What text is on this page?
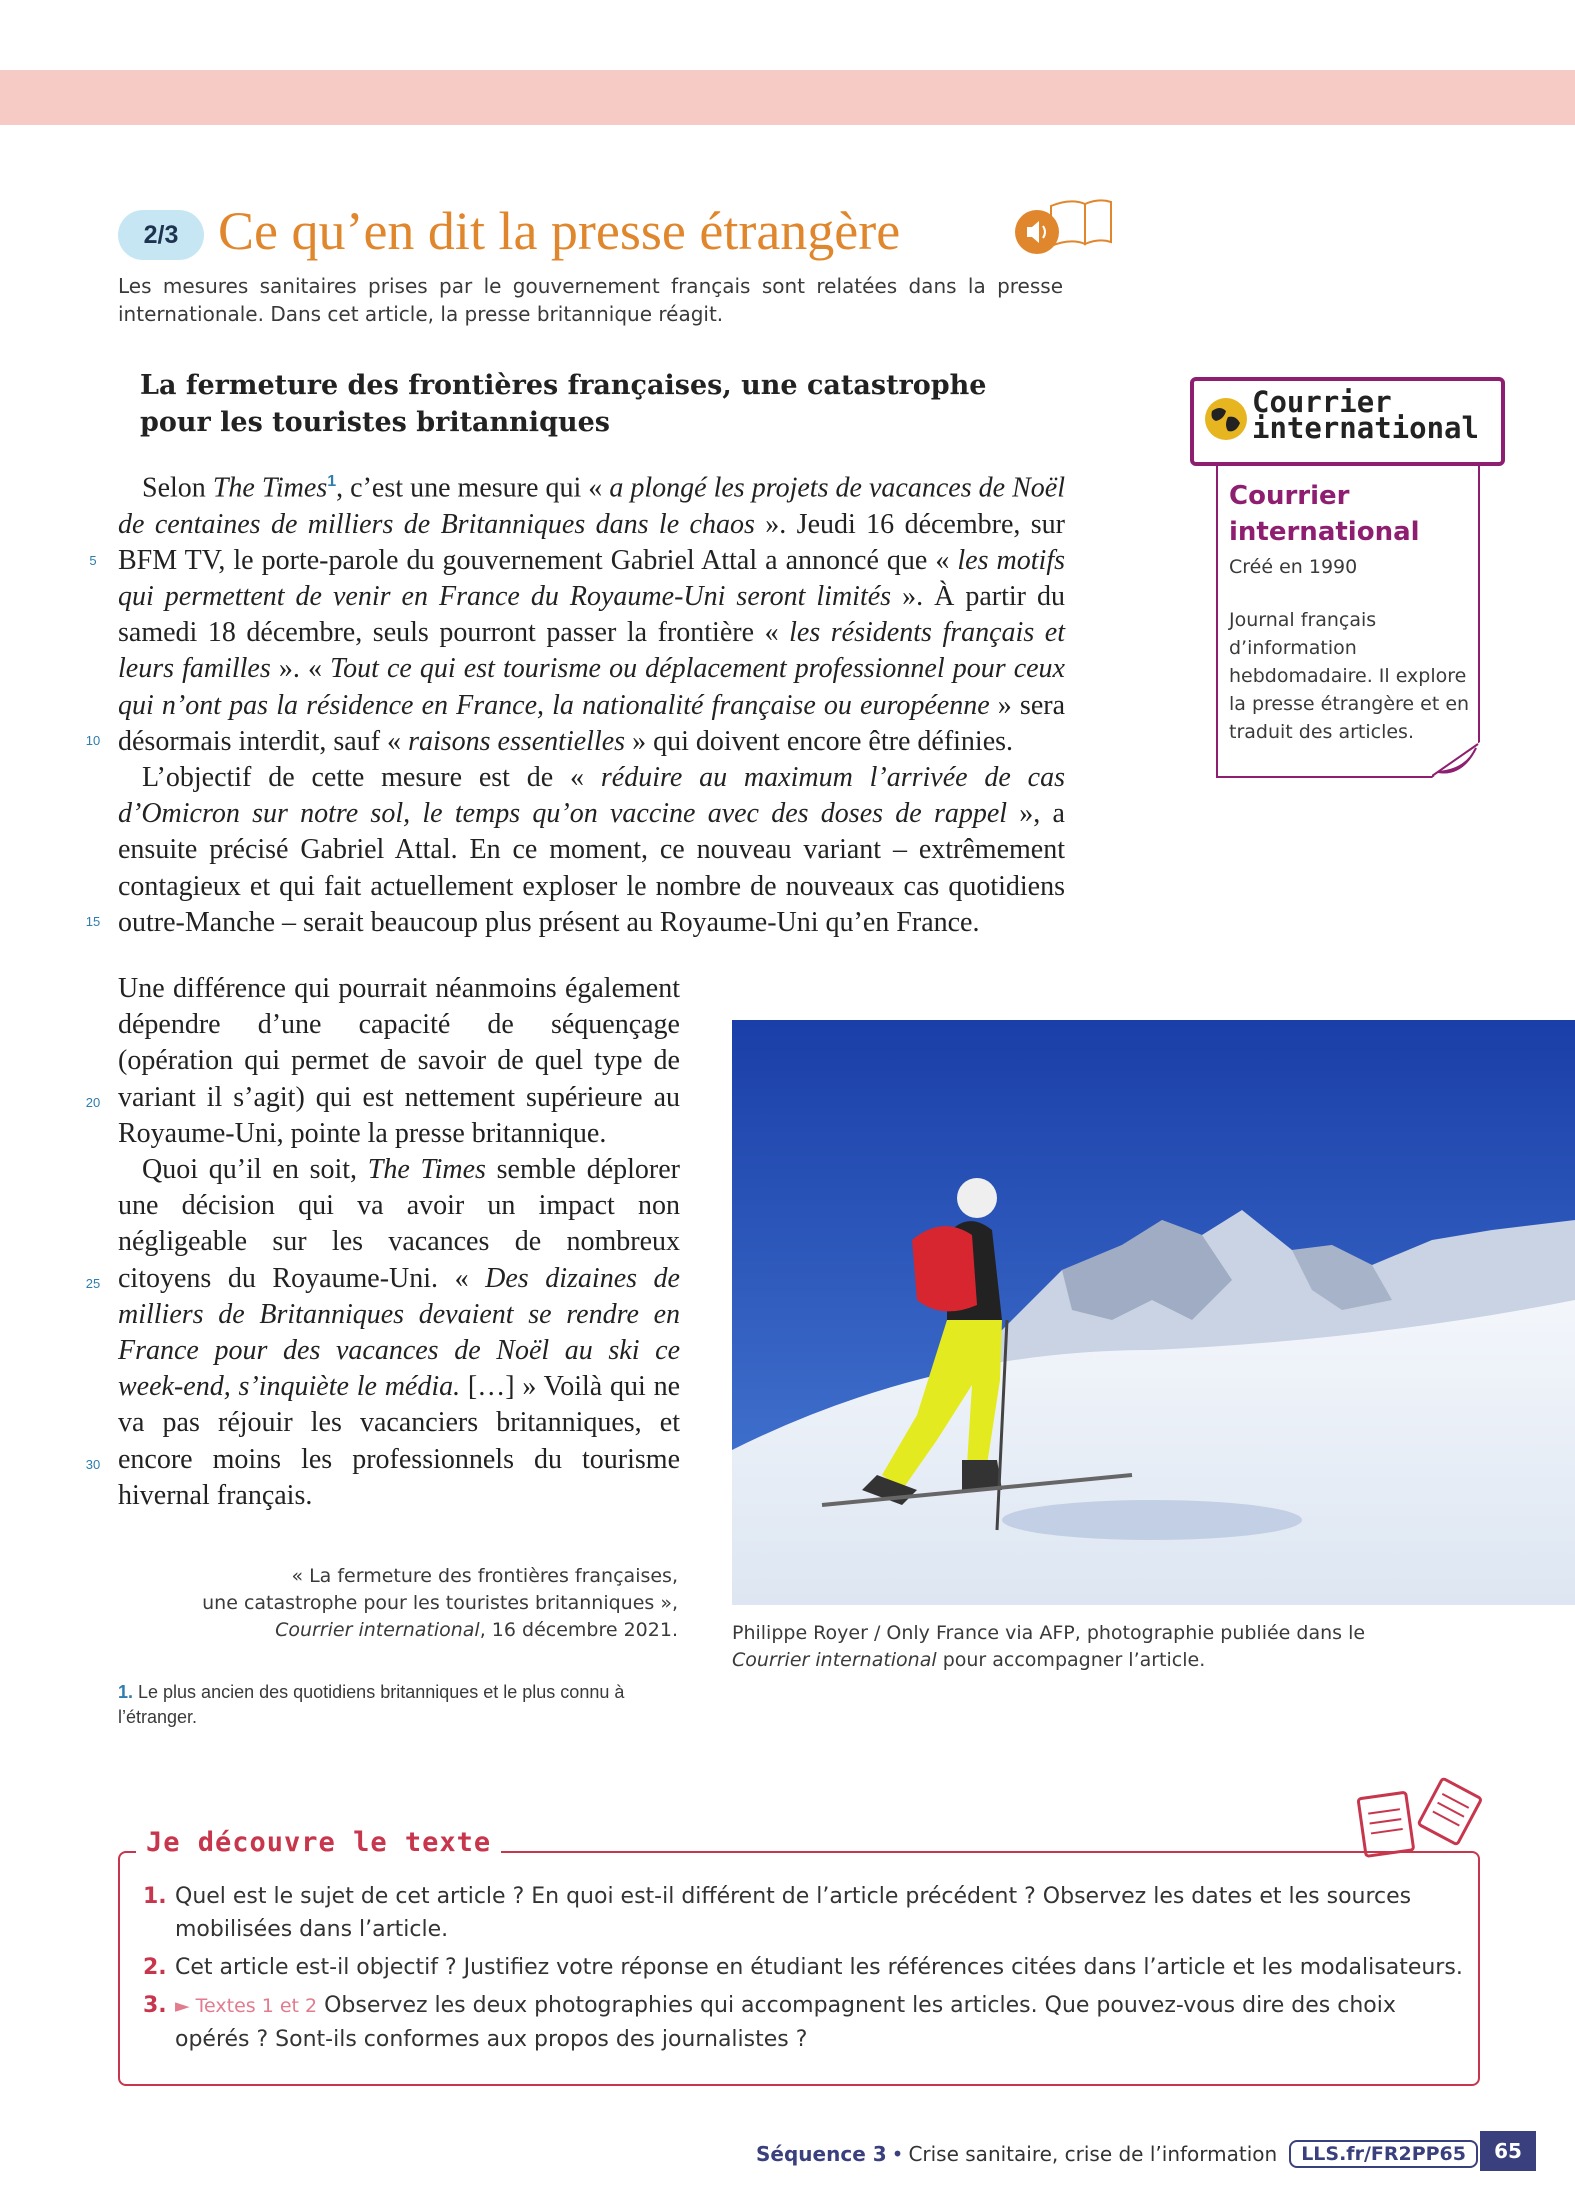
2/3 Ce qu’en dit la presse étrangère
Les mesures sanitaires prises par le gouvernement français sont relatées dans la presse internationale. Dans cet article, la presse britannique réagit.
La fermeture des frontières françaises, une catastrophe pour les touristes britanniques

Selon The Times$^1$, c’est une mesure qui « a plongé les projets de vacances de Noël de centaines de milliers de Britanniques dans le chaos ». Jeudi 16 décembre, sur BFM TV, le porte-parole du gouvernement Gabriel Attal a annoncé que « les motifs qui permettent de venir en France du Royaume-Uni seront limités ». À partir du samedi 18 décembre, seuls pourront passer la frontière « les résidents français et leurs familles ». « Tout ce qui est tourisme ou déplacement professionnel pour ceux qui n’ont pas la résidence en France, la nationalité française ou européenne » sera désormais interdit, sauf « raisons essentielles » qui doivent encore être définies.

L’objectif de cette mesure est de « réduire au maximum l’arrivée de cas d’Omicron sur notre sol, le temps qu’on vaccine avec des doses de rappel », a ensuite précisé Gabriel Attal. En ce moment, ce nouveau variant – extrêmement contagieux et qui fait actuellement exploser le nombre de nouveaux cas quotidiens outre-Manche – serait beaucoup plus présent au Royaume-Uni qu’en France.

Une différence qui pourrait néanmoins également dépendre d’une capacité de séquençage (opération qui permet de savoir de quel type de variant il s’agit) qui est nettement supérieure au Royaume-Uni, pointe la presse britannique.

Quoi qu’il en soit, The Times semble déplorer une décision qui va avoir un impact non négligeable sur les vacances de nombreux citoyens du Royaume-Uni. « Des dizaines de milliers de Britanniques devaient se rendre en France pour des vacances de Noël au ski ce week-end, s’inquiète le média. […] » Voilà qui ne va pas réjouir les vacanciers britanniques, et encore moins les professionnels du tourisme hivernal français.

5
10
15
20
25
30
« La fermeture des frontières françaises,
une catastrophe pour les touristes britanniques »,
Courrier international, 16 décembre 2021.
1. Le plus ancien des quotidiens britanniques et le plus connu à l’étranger.
Philippe Royer / Only France via AFP, photographie publiée dans le Courrier international pour accompagner l’article.
Courrier
international
Courrier international
Créé en 1990
Journal français d’information hebdomadaire. Il explore la presse étrangère et en traduit des articles.
Je découvre le texte
1. Quel est le sujet de cet article ? En quoi est-il différent de l’article précédent ? Observez les dates et les sources mobilisées dans l’article.
2. Cet article est-il objectif ? Justifiez votre réponse en étudiant les références citées dans l’article et les modalisateurs.
3. ► Textes 1 et 2 Observez les deux photographies qui accompagnent les articles. Que pouvez-vous dire des choix opérés ? Sont-ils conformes aux propos des journalistes ?
Séquence 3 • Crise sanitaire, crise de l’information	LLS.fr/FR2PP65	65
